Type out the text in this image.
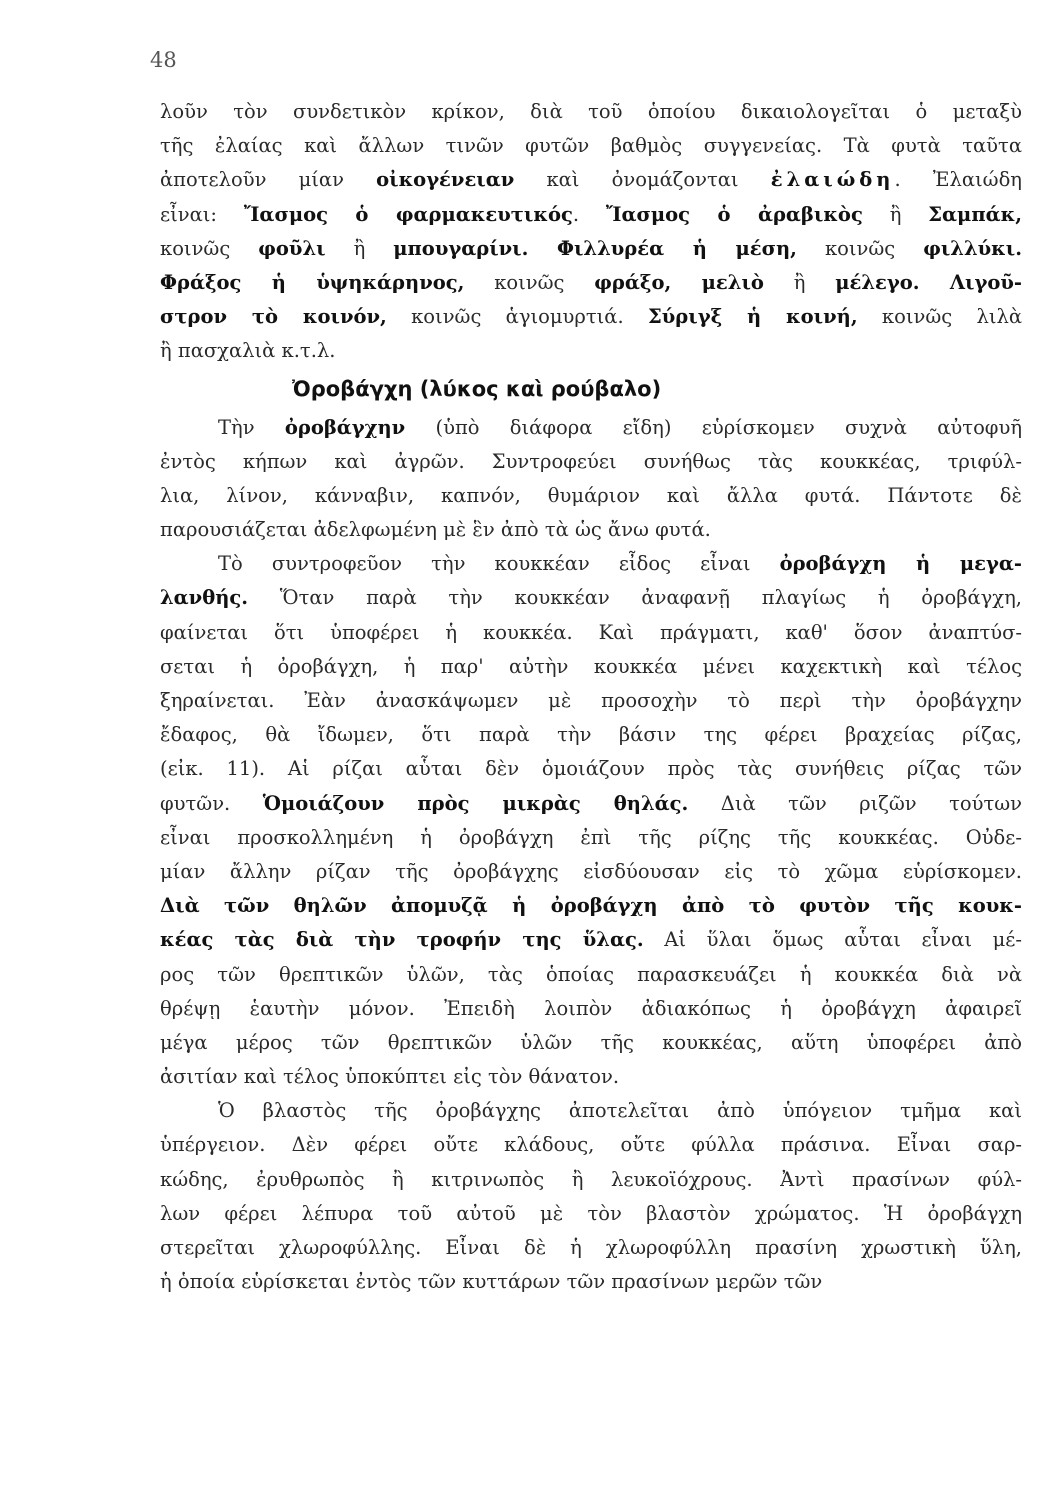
48
λοῦν τὸν συνδετικὸν κρίκον, διὰ τοῦ ὁποίου δικαιολογεῖται ὁ μεταξὺ
τῆς ἐλαίας καὶ ἄλλων τινῶν φυτῶν βαθμὸς συγγενείας. Τὰ φυτὰ ταῦτα
ἀποτελοῦν μίαν οἰκογένειαν καὶ ὀνομάζονται ἐλαιώδη. Ἐλαιώδη
εἶναι: Ἴασμος ὁ φαρμακευτικός. Ἴασμος ὁ ἀραβικὸς ἢ Σαμπάκ,
κοινῶς φοῦλι ἢ μπουγαρίνι. Φιλλυρέα ἡ μέση, κοινῶς φιλλύκι.
Φράξος ἡ ὑψηκάρηνος, κοινῶς φράξο, μελιὸ ἢ μέλεγο. Λιγοῦ-
στρον τὸ κοινόν, κοινῶς ἁγιομυρτιά. Σύριγξ ἡ κοινή, κοινῶς λιλὰ
ἢ πασχαλιὰ κ.τ.λ.
Ὀροβάγχη (λύκος καὶ ρούβαλο)
Τὴν ὀροβάγχην (ὑπὸ διάφορα εἴδη) εὑρίσκομεν συχνὰ αὐτοφυῆ
ἐντὸς κήπων καὶ ἀγρῶν. Συντροφεύει συνήθως τὰς κουκκέας, τριφύλ-
λια, λίνον, κάνναβιν, καπνόν, θυμάριον καὶ ἄλλα φυτά. Πάντοτε δὲ
παρουσιάζεται ἀδελφωμένη μὲ ἓν ἀπὸ τὰ ὡς ἄνω φυτά.
Τὸ συντροφεῦον τὴν κουκκέαν εἶδος εἶναι ὀροβάγχη ἡ μεγα-
λανθής. Ὅταν παρὰ τὴν κουκκέαν ἀναφανῇ πλαγίως ἡ ὀροβάγχη,
φαίνεται ὅτι ὑποφέρει ἡ κουκκέα. Καὶ πράγματι, καθ' ὅσον ἀναπτύσ-
σεται ἡ ὀροβάγχη, ἡ παρ' αὐτὴν κουκκέα μένει καχεκτικὴ καὶ τέλος
ξηραίνεται. Ἐὰν ἀνασκάψωμεν μὲ προσοχὴν τὸ περὶ τὴν ὀροβάγχην
ἔδαφος, θὰ ἴδωμεν, ὅτι παρὰ τὴν βάσιν της φέρει βραχείας ρίζας,
(εἰκ. 11). Αἱ ρίζαι αὗται δὲν ὁμοιάζουν πρὸς τὰς συνήθεις ρίζας τῶν
φυτῶν. Ὁμοιάζουν πρὸς μικρὰς θηλάς. Διὰ τῶν ριζῶν τούτων
εἶναι προσκολλημένη ἡ ὀροβάγχη ἐπὶ τῆς ρίζης τῆς κουκκέας. Οὐδε-
μίαν ἄλλην ρίζαν τῆς ὀροβάγχης εἰσδύουσαν εἰς τὸ χῶμα εὑρίσκομεν.
Διὰ τῶν θηλῶν ἀπομυζᾷ ἡ ὀροβάγχη ἀπὸ τὸ φυτὸν τῆς κουκ-
κέας τὰς διὰ τὴν τροφήν της ὕλας. Αἱ ὕλαι ὅμως αὗται εἶναι μέ-
ρος τῶν θρεπτικῶν ὑλῶν, τὰς ὁποίας παρασκευάζει ἡ κουκκέα διὰ νὰ
θρέψῃ ἑαυτὴν μόνον. Ἐπειδὴ λοιπὸν ἀδιακόπως ἡ ὀροβάγχη ἀφαιρεῖ
μέγα μέρος τῶν θρεπτικῶν ὑλῶν τῆς κουκκέας, αὕτη ὑποφέρει ἀπὸ
ἀσιτίαν καὶ τέλος ὑποκύπτει εἰς τὸν θάνατον.
Ὁ βλαστὸς τῆς ὀροβάγχης ἀποτελεῖται ἀπὸ ὑπόγειον τμῆμα καὶ
ὑπέργειον. Δὲν φέρει οὔτε κλάδους, οὔτε φύλλα πράσινα. Εἶναι σαρ-
κώδης, ἐρυθρωπὸς ἢ κιτρινωπὸς ἢ λευκοϊόχρους. Ἀντὶ πρασίνων φύλ-
λων φέρει λέπυρα τοῦ αὐτοῦ μὲ τὸν βλαστὸν χρώματος. Ἡ ὀροβάγχη
στερεῖται χλωροφύλλης. Εἶναι δὲ ἡ χλωροφύλλη πρασίνη χρωστικὴ ὕλη,
ἡ ὁποία εὑρίσκεται ἐντὸς τῶν κυττάρων τῶν πρασίνων μερῶν τῶν
